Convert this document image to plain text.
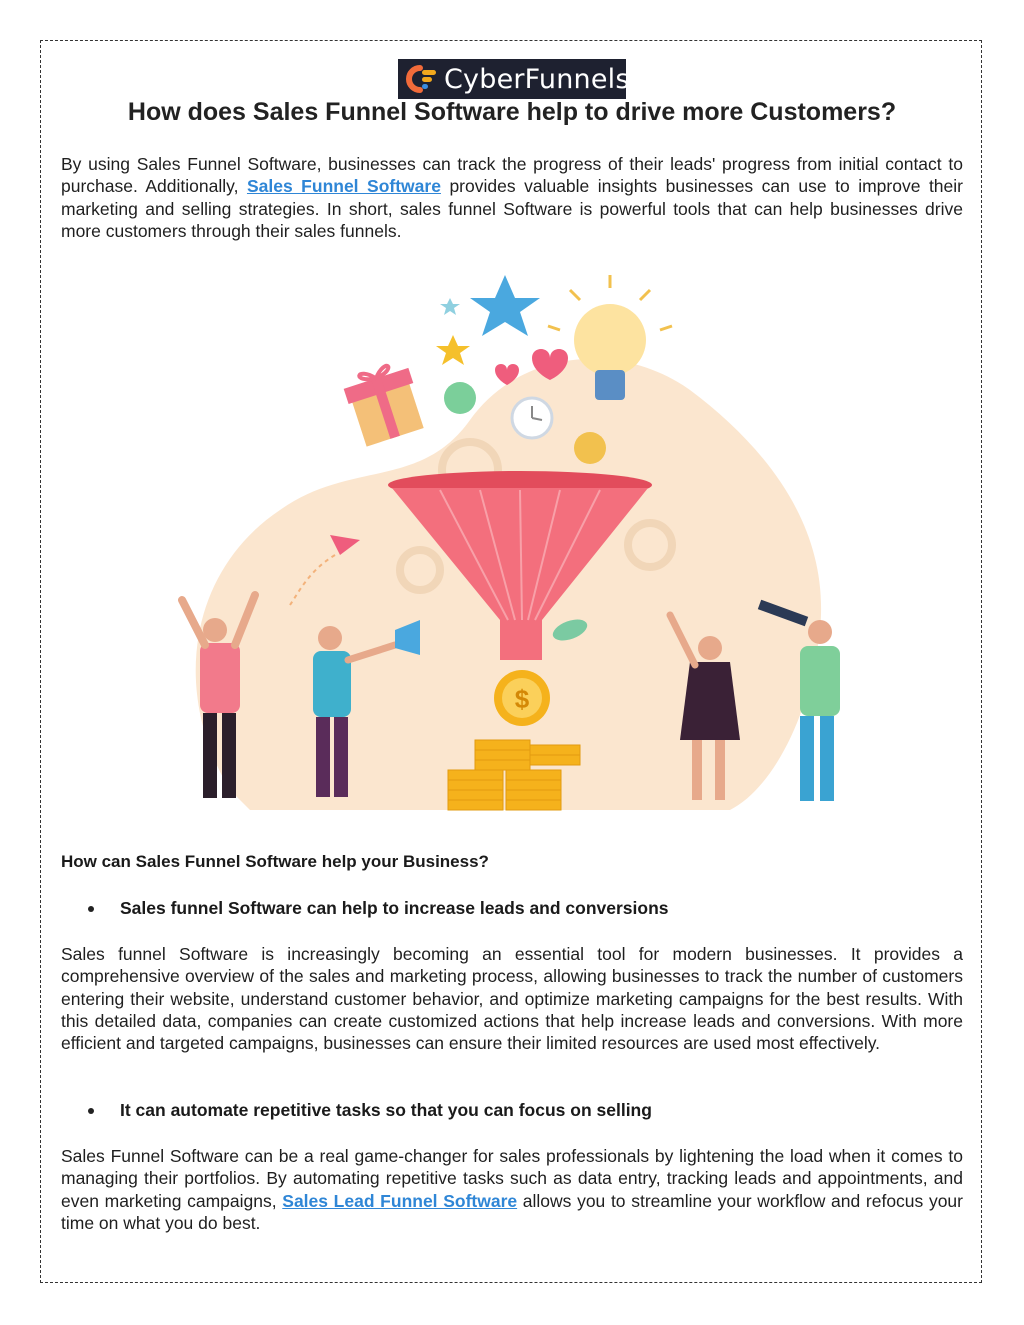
CyberFunnels
How does Sales Funnel Software help to drive more Customers?
By using Sales Funnel Software, businesses can track the progress of their leads' progress from initial contact to purchase. Additionally, Sales Funnel Software provides valuable insights businesses can use to improve their marketing and selling strategies. In short, sales funnel Software is powerful tools that can help businesses drive more customers through their sales funnels.
$
How can Sales Funnel Software help your Business?
Sales funnel Software can help to increase leads and conversions
Sales funnel Software is increasingly becoming an essential tool for modern businesses. It provides a comprehensive overview of the sales and marketing process, allowing businesses to track the number of customers entering their website, understand customer behavior, and optimize marketing campaigns for the best results. With this detailed data, companies can create customized actions that help increase leads and conversions. With more efficient and targeted campaigns, businesses can ensure their limited resources are used most effectively.
It can automate repetitive tasks so that you can focus on selling
Sales Funnel Software can be a real game-changer for sales professionals by lightening the load when it comes to managing their portfolios. By automating repetitive tasks such as data entry, tracking leads and appointments, and even marketing campaigns, Sales Lead Funnel Software allows you to streamline your workflow and refocus your time on what you do best.
